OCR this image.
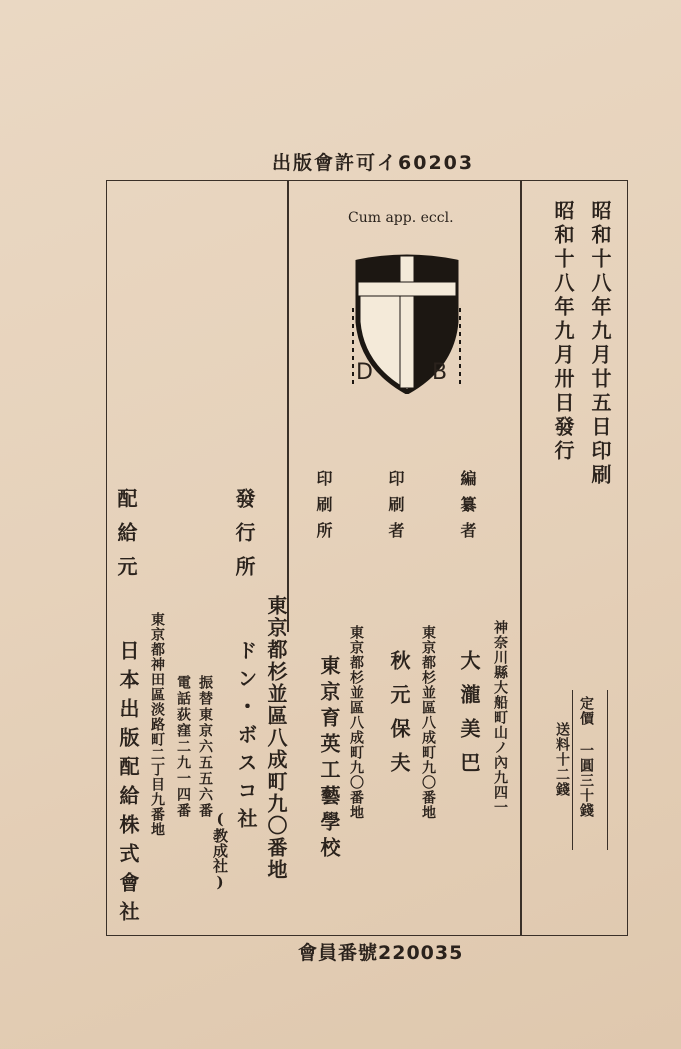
出版會許可イ60203
Cum app. eccl.
D	B	昭和十八年九月廿五日印刷
昭和十八年九月卅日發行
定價 一圓三十錢
送料十二錢
編纂者
神奈川縣大船町山ノ內九四一
大瀧美巴
印刷者
東京都杉並區八成町九〇番地
秋元保夫
印刷所
東京都杉並區八成町九〇番地
東京育英工藝學校
發行所
東京都杉並區八成町九〇番地
ドン・ボスコ社
(教成社)
振替東京六五五六番
電話荻窪二九一四番
配給元
東京都神田區淡路町二丁目九番地
日本出版配給株式會社
會員番號220035
